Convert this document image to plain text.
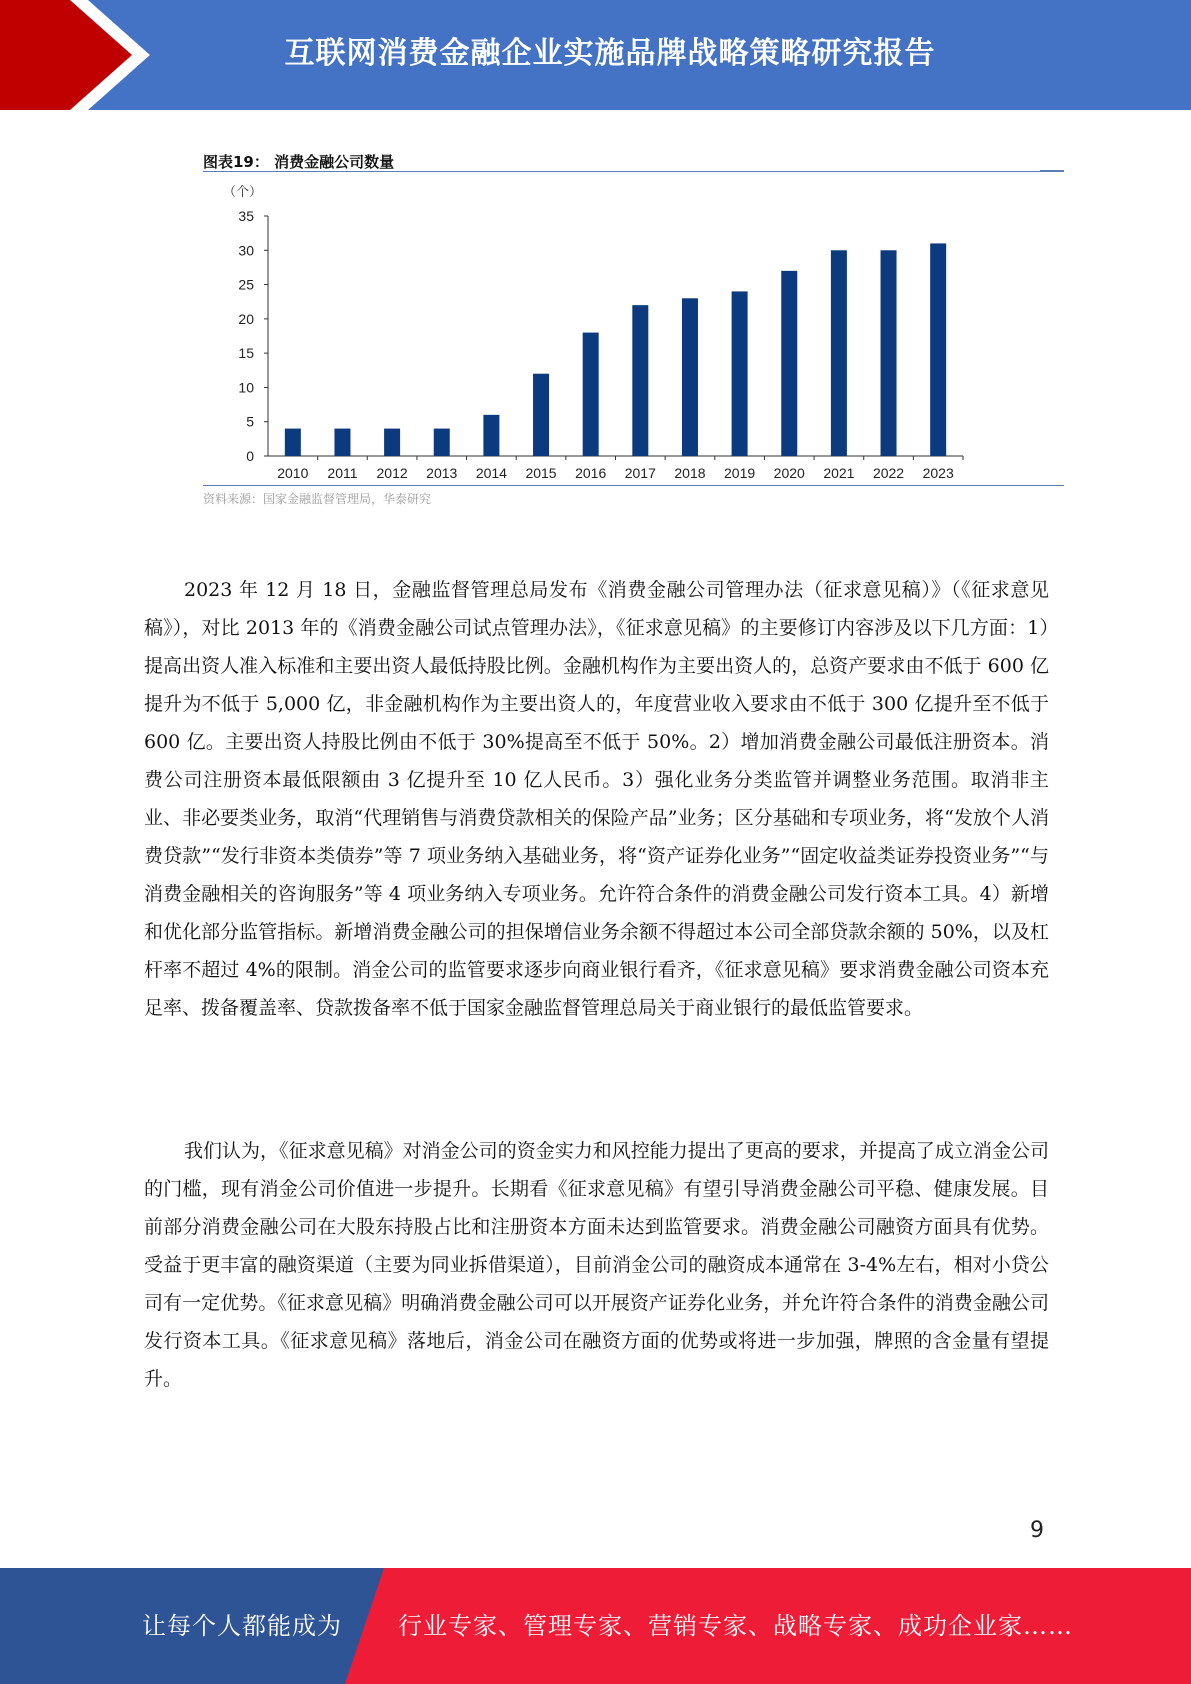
互联网消费金融企业实施品牌战略策略研究报告
图表19： 消费金融公司数量
（个）
0
5
10
15
20
25
30
35
2010 2011 2012 2013 2014 2015 2016 2017 2018 2019 2020 2021 2022 2023
资料来源：国家金融监督管理局，华泰研究

2023 年 12 月 18 日，金融监督管理总局发布《消费金融公司管理办法（征求意见稿）》（《征求意见稿》），对比 2013 年的《消费金融公司试点管理办法》，《征求意见稿》的主要修订内容涉及以下几方面：1）提高出资人准入标准和主要出资人最低持股比例。金融机构作为主要出资人的，总资产要求由不低于 600 亿提升为不低于 5,000 亿，非金融机构作为主要出资人的，年度营业收入要求由不低于 300 亿提升至不低于 600 亿。主要出资人持股比例由不低于 30%提高至不低于 50%。2）增加消费金融公司最低注册资本。消费公司注册资本最低限额由 3 亿提升至 10 亿人民币。3）强化业务分类监管并调整业务范围。取消非主业、非必要类业务，取消“代理销售与消费贷款相关的保险产品”业务；区分基础和专项业务，将“发放个人消费贷款”“发行非资本类债券”等 7 项业务纳入基础业务，将“资产证券化业务”“固定收益类证券投资业务”“与消费金融相关的咨询服务”等 4 项业务纳入专项业务。允许符合条件的消费金融公司发行资本工具。4）新增和优化部分监管指标。新增消费金融公司的担保增信业务余额不得超过本公司全部贷款余额的 50%，以及杠杆率不超过 4%的限制。消金公司的监管要求逐步向商业银行看齐，《征求意见稿》要求消费金融公司资本充足率、拨备覆盖率、贷款拨备率不低于国家金融监督管理总局关于商业银行的最低监管要求。

我们认为，《征求意见稿》对消金公司的资金实力和风控能力提出了更高的要求，并提高了成立消金公司的门槛，现有消金公司价值进一步提升。长期看《征求意见稿》有望引导消费金融公司平稳、健康发展。目前部分消费金融公司在大股东持股占比和注册资本方面未达到监管要求。消费金融公司融资方面具有优势。受益于更丰富的融资渠道（主要为同业拆借渠道），目前消金公司的融资成本通常在 3-4%左右，相对小贷公司有一定优势。《征求意见稿》明确消费金融公司可以开展资产证券化业务，并允许符合条件的消费金融公司发行资本工具。《征求意见稿》落地后，消金公司在融资方面的优势或将进一步加强，牌照的含金量有望提升。

9
让每个人都能成为 行业专家、管理专家、营销专家、战略专家、成功企业家……
